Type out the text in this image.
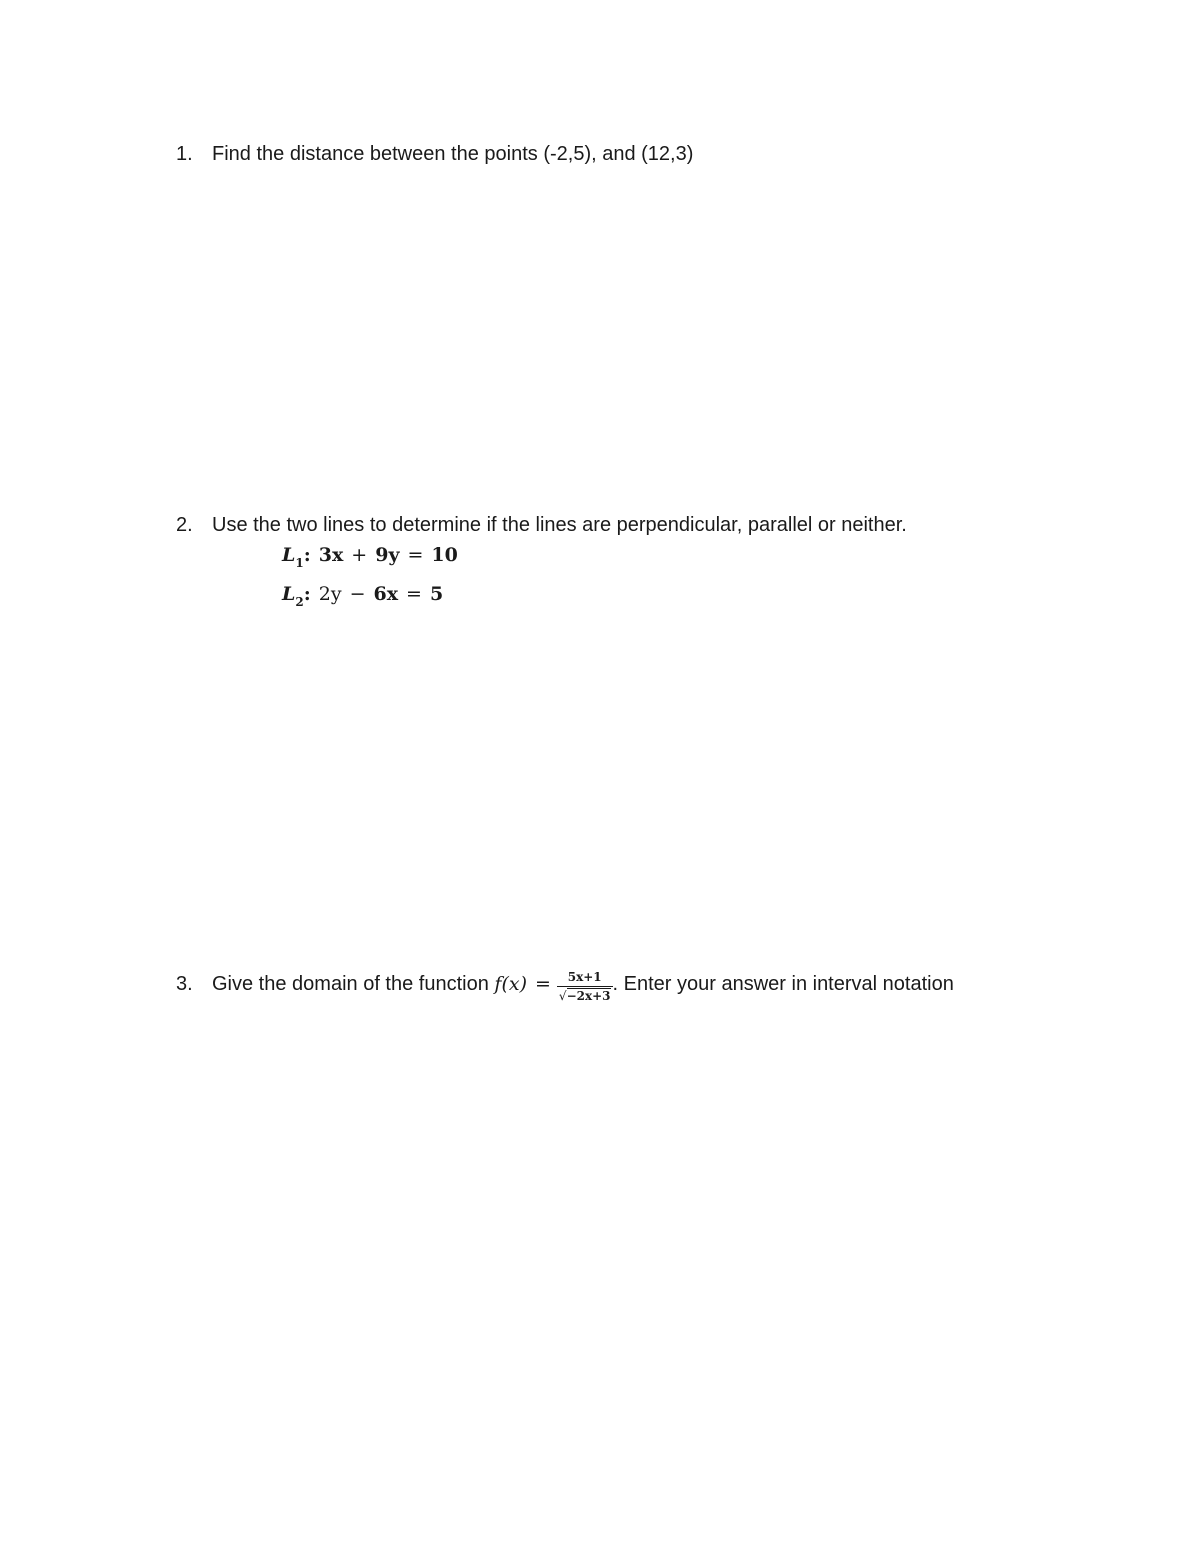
1. Find the distance between the points (-2,5), and (12,3)
2. Use the two lines to determine if the lines are perpendicular, parallel or neither.
$L_1$: 3x + 9y = 10
$L_2$: 2y − 6x = 5
3. Give the domain of the function $f(x) = \frac{5x+1}{√-2x+3}$ . Enter your answer in interval notation
